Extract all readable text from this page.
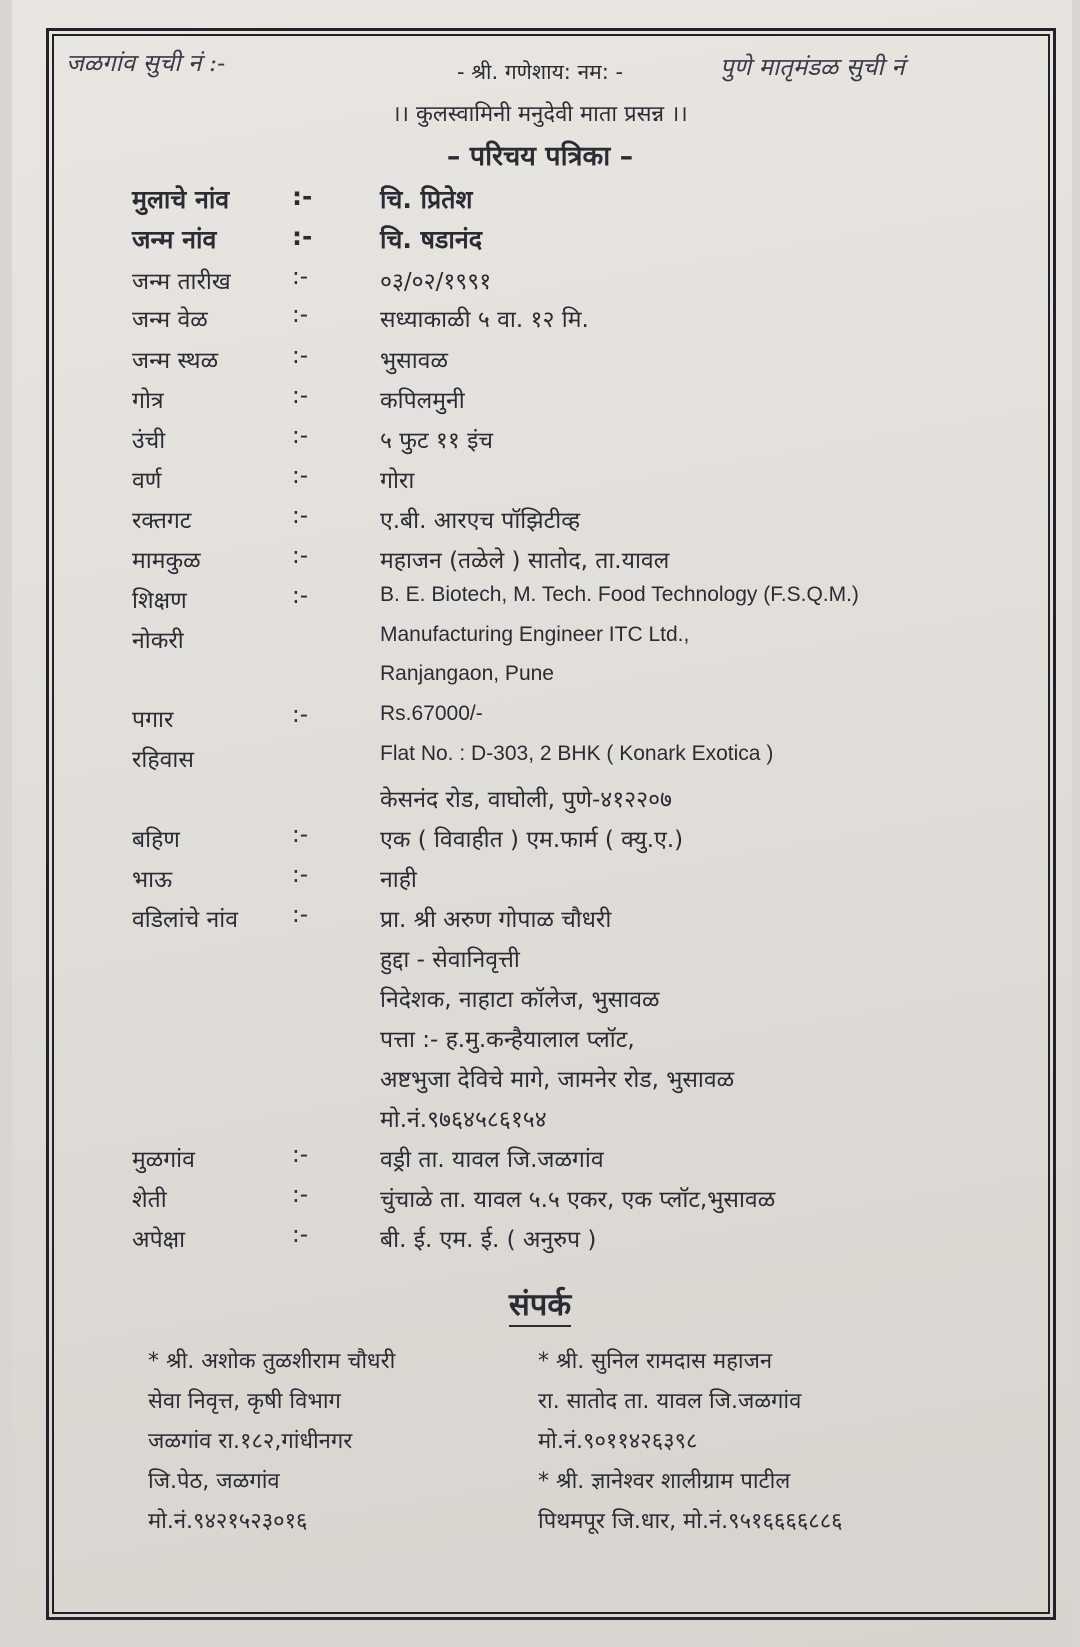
जळगांव सुची नं :-	पुणे मातृमंडळ सुची नं
- श्री. गणेशाय: नम: -
।। कुलस्वामिनी मनुदेवी माता प्रसन्न ।।
– परिचय पत्रिका –
मुलाचे नांव	:-	चि. प्रितेश
जन्म नांव	:-	चि. षडानंद
जन्म तारीख	:-	०३/०२/१९९१
जन्म वेळ	:-	सध्याकाळी ५ वा. १२ मि.
जन्म स्थळ	:-	भुसावळ
गोत्र	:-	कपिलमुनी
उंची	:-	५ फुट ११ इंच
वर्ण	:-	गोरा
रक्तगट	:-	ए.बी. आरएच पॉझिटीव्ह
मामकुळ	:-	महाजन (तळेले ) सातोद, ता.यावल
शिक्षण	:-	B. E. Biotech, M. Tech. Food Technology (F.S.Q.M.)
नोकरी	Manufacturing Engineer ITC Ltd.,
Ranjangaon, Pune
पगार	:-	Rs.67000/-
रहिवास	Flat No. : D-303, 2 BHK ( Konark Exotica )
केसनंद रोड, वाघोली, पुणे-४१२२०७
बहिण	:-	एक ( विवाहीत ) एम.फार्म ( क्यु.ए.)
भाऊ	:-	नाही
वडिलांचे नांव :-	प्रा. श्री अरुण गोपाळ चौधरी
हुद्दा - सेवानिवृत्ती
निदेशक, नाहाटा कॉलेज, भुसावळ
पत्ता :- ह.मु.कन्हैयालाल प्लॉट,
अष्टभुजा देविचे मागे, जामनेर रोड, भुसावळ
मो.नं.९७६४५८६१५४
मुळगांव	:-	वड्री ता. यावल जि.जळगांव
शेती	:-	चुंचाळे ता. यावल ५.५ एकर, एक प्लॉट,भुसावळ
अपेक्षा	:-	बी. ई. एम. ई. ( अनुरुप )
संपर्क
* श्री. अशोक तुळशीराम चौधरी
सेवा निवृत्त, कृषी विभाग
जळगांव रा.१८२,गांधीनगर
जि.पेठ, जळगांव
मो.नं.९४२१५२३०१६
* श्री. सुनिल रामदास महाजन
रा. सातोद ता. यावल जि.जळगांव
मो.नं.९०११४२६३९८
* श्री. ज्ञानेश्वर शालीग्राम पाटील
पिथमपूर जि.धार, मो.नं.९५१६६६६८८६
